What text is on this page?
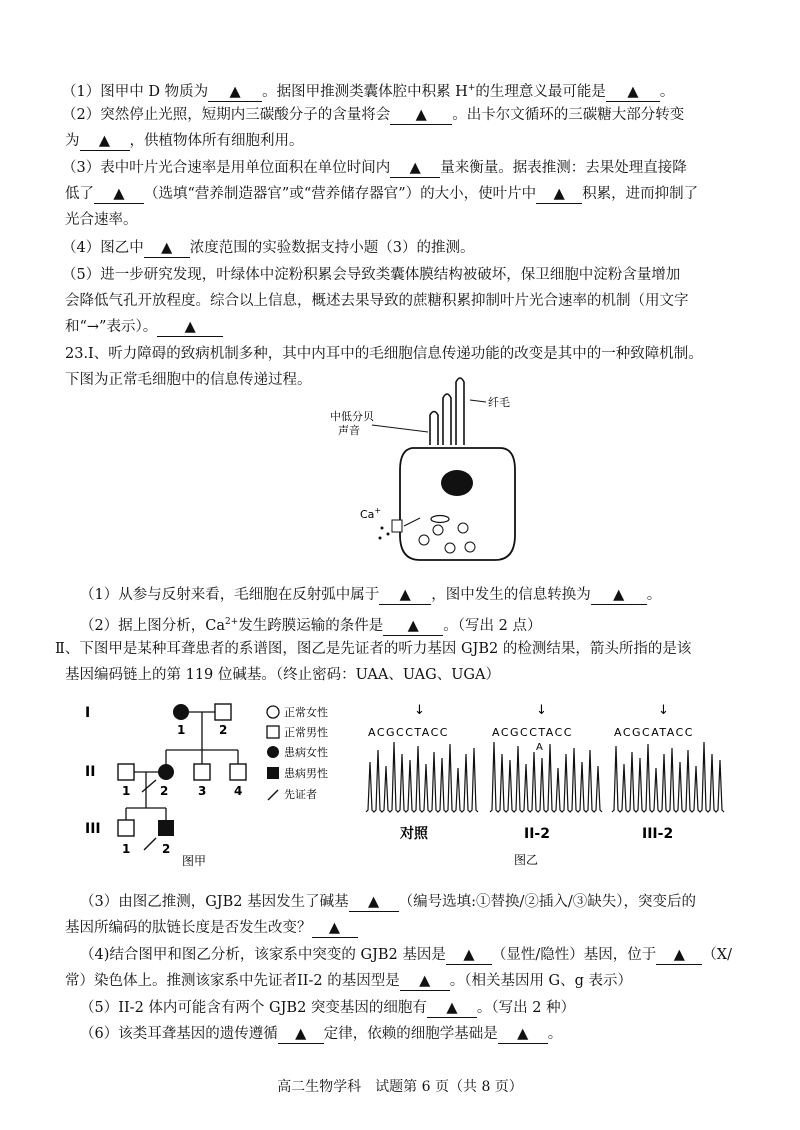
（1）图甲中 D 物质为 ▲ 。据图甲推测类囊体腔中积累 H+的生理意义最可能是 ▲ 。
（2）突然停止光照，短期内三碳酸分子的含量将会 ▲ 。出卡尔文循环的三碳糖大部分转变
为 ▲ ，供植物体所有细胞利用。
（3）表中叶片光合速率是用单位面积在单位时间内 ▲ 量来衡量。据表推测：去果处理直接降
低了 ▲ （选填“营养制造器官”或“营养储存器官”）的大小，使叶片中 ▲ 积累，进而抑制了
光合速率。
（4）图乙中 ▲ 浓度范围的实验数据支持小题（3）的推测。
（5）进一步研究发现，叶绿体中淀粉积累会导致类囊体膜结构被破坏，保卫细胞中淀粉含量增加
会降低气孔开放程度。综合以上信息，概述去果导致的蔗糖积累抑制叶片光合速率的机制（用文字
和“→”表示）。 ▲
23.Ⅰ、听力障碍的致病机制多种，其中内耳中的毛细胞信息传递功能的改变是其中的一种致障机制。
下图为正常毛细胞中的信息传递过程。
中低分贝
声音
纤毛
Ca+
（1）从参与反射来看，毛细胞在反射弧中属于 ▲ ，图中发生的信息转换为 ▲ 。
（2）据上图分析，$Ca^{2+}$发生跨膜运输的条件是 ▲ 。（写出 2 点）
Ⅱ、下图甲是某种耳聋患者的系谱图，图乙是先证者的听力基因 GJB2 的检测结果，箭头所指的是该
基因编码链上的第 119 位碱基。（终止密码：UAA、UAG、UGA）
I
II
III
1	2
1 2 3 4
1	2
图甲
正常女性
正常男性
患病女性
患病男性
先证者
↓
ACGCCTACC
对照
↓
ACGCCTACC
A
II-2
↓
ACGCATACC
III-2
图乙
（3）由图乙推测，GJB2 基因发生了碱基 ▲ （编号选填:①替换/②插入/③缺失），突变后的
基因所编码的肽链长度是否发生改变？ ▲
（4)结合图甲和图乙分析，该家系中突变的 GJB2 基因是 ▲ （显性/隐性）基因，位于 ▲ （X/
常）染色体上。推测该家系中先证者II-2 的基因型是 ▲ 。（相关基因用 G、g 表示）
（5）II-2 体内可能含有两个 GJB2 突变基因的细胞有 ▲ 。（写出 2 种）
（6）该类耳聋基因的遗传遵循 ▲ 定律，依赖的细胞学基础是 ▲ 。
高二生物学科　试题第 6 页（共 8 页）
